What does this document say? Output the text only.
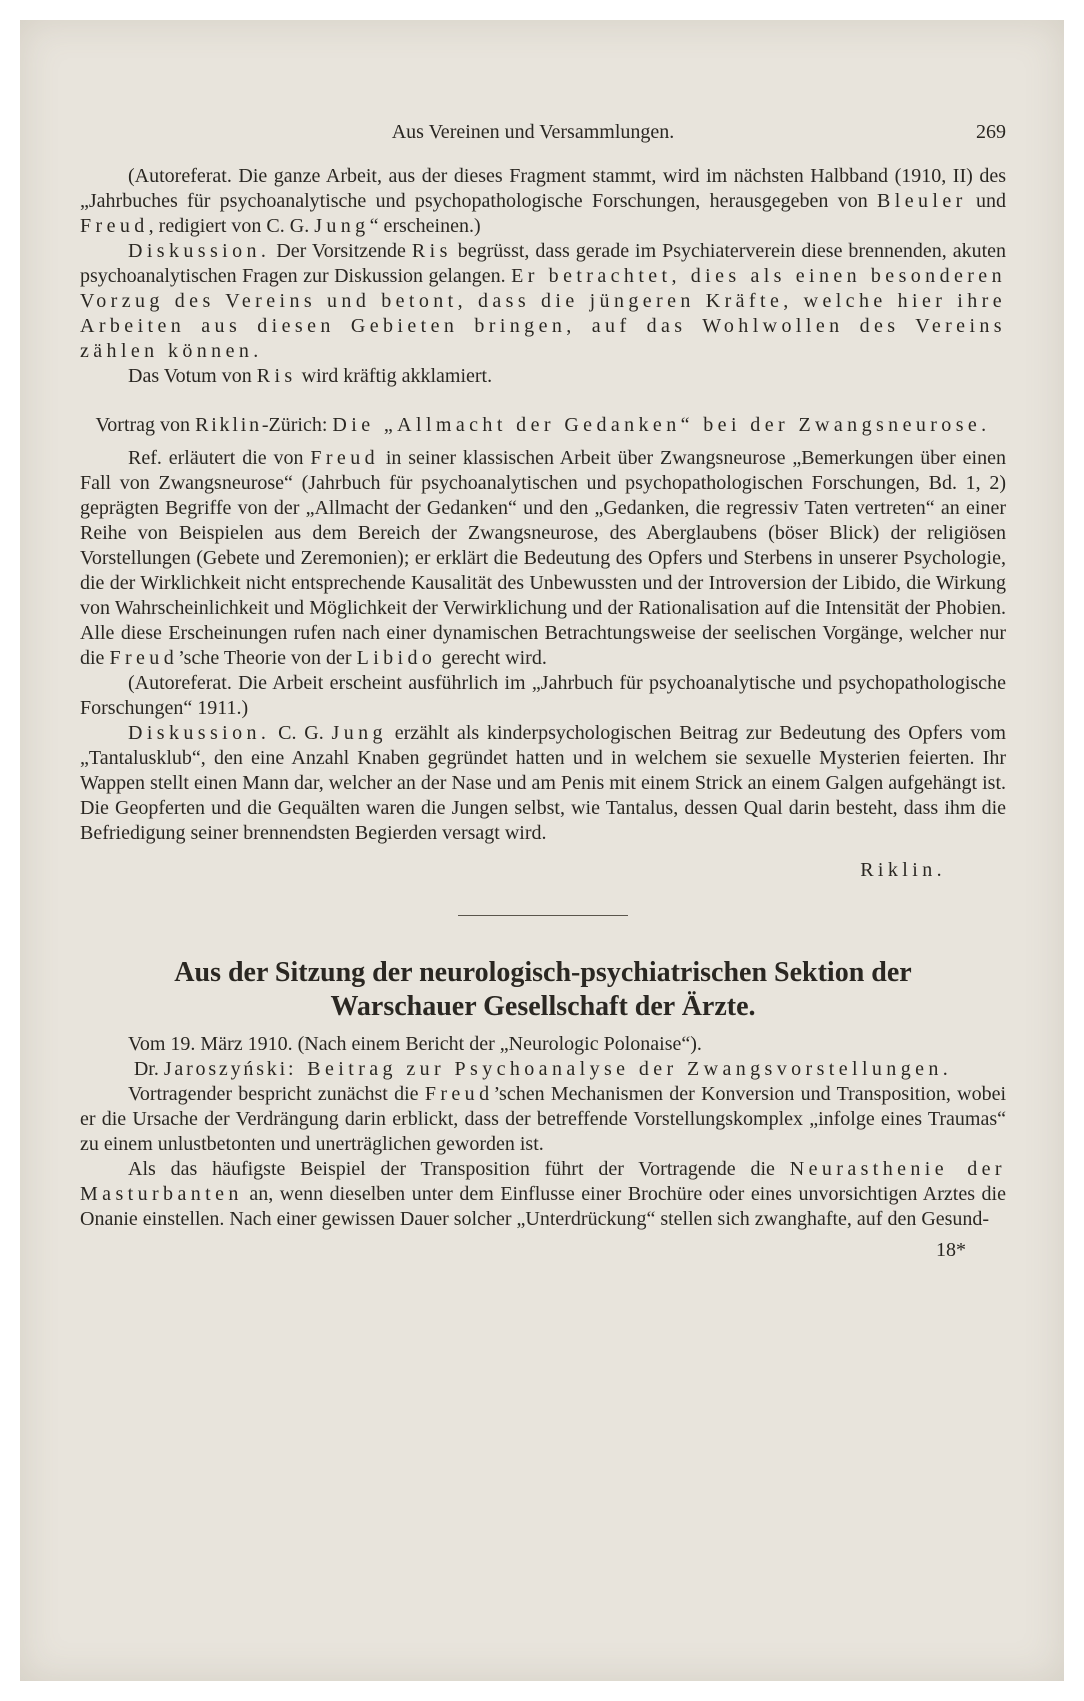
Aus Vereinen und Versammlungen.	269

(Autoreferat. Die ganze Arbeit, aus der dieses Fragment stammt, wird im nächsten Halbband (1910, II) des „Jahrbuches für psychoanalytische und psychopathologische Forschungen, herausgegeben von Bleuler und Freud, redigiert von C. G. Jung“ erscheinen.)

Diskussion. Der Vorsitzende Ris begrüsst, dass gerade im Psychiaterverein diese brennenden, akuten psychoanalytischen Fragen zur Diskussion gelangen. Er betrachtet, dies als einen besonderen Vorzug des Vereins und betont, dass die jüngeren Kräfte, welche hier ihre Arbeiten aus diesen Gebieten bringen, auf das Wohlwollen des Vereins zählen können.

Das Votum von Ris wird kräftig akklamiert.

Vortrag von Riklin-Zürich: Die „Allmacht der Gedanken“ bei der Zwangsneurose.

Ref. erläutert die von Freud in seiner klassischen Arbeit über Zwangsneurose „Bemerkungen über einen Fall von Zwangsneurose“ (Jahrbuch für psychoanalytischen und psychopathologischen Forschungen, Bd. 1, 2) geprägten Begriffe von der „Allmacht der Gedanken“ und den „Gedanken, die regressiv Taten vertreten“ an einer Reihe von Beispielen aus dem Bereich der Zwangsneurose, des Aberglaubens (böser Blick) der religiösen Vorstellungen (Gebete und Zeremonien); er erklärt die Bedeutung des Opfers und Sterbens in unserer Psychologie, die der Wirklichkeit nicht entsprechende Kausalität des Unbewussten und der Introversion der Libido, die Wirkung von Wahrscheinlichkeit und Möglichkeit der Verwirklichung und der Rationalisation auf die Intensität der Phobien. Alle diese Erscheinungen rufen nach einer dynamischen Betrachtungsweise der seelischen Vorgänge, welcher nur die Freud’sche Theorie von der Libido gerecht wird.

(Autoreferat. Die Arbeit erscheint ausführlich im „Jahrbuch für psychoanalytische und psychopathologische Forschungen“ 1911.)

Diskussion. C. G. Jung erzählt als kinderpsychologischen Beitrag zur Bedeutung des Opfers vom „Tantalusklub“, den eine Anzahl Knaben gegründet hatten und in welchem sie sexuelle Mysterien feierten. Ihr Wappen stellt einen Mann dar, welcher an der Nase und am Penis mit einem Strick an einem Galgen aufgehängt ist. Die Geopferten und die Gequälten waren die Jungen selbst, wie Tantalus, dessen Qual darin besteht, dass ihm die Befriedigung seiner brennendsten Begierden versagt wird.

Riklin.
Aus der Sitzung der neurologisch-psychiatrischen Sektion der
Warschauer Gesellschaft der Ärzte.

Vom 19. März 1910. (Nach einem Bericht der „Neurologic Polonaise“).

Dr. Jaroszyński: Beitrag zur Psychoanalyse der Zwangsvorstellungen.

Vortragender bespricht zunächst die Freud’schen Mechanismen der Konversion und Transposition, wobei er die Ursache der Verdrängung darin erblickt, dass der betreffende Vorstellungskomplex „infolge eines Traumas“ zu einem unlustbetonten und unerträglichen geworden ist.

Als das häufigste Beispiel der Transposition führt der Vortragende die Neurasthenie der Masturbanten an, wenn dieselben unter dem Einflusse einer Brochüre oder eines unvorsichtigen Arztes die Onanie einstellen. Nach einer gewissen Dauer solcher „Unterdrückung“ stellen sich zwanghafte, auf den Gesund-

18*
